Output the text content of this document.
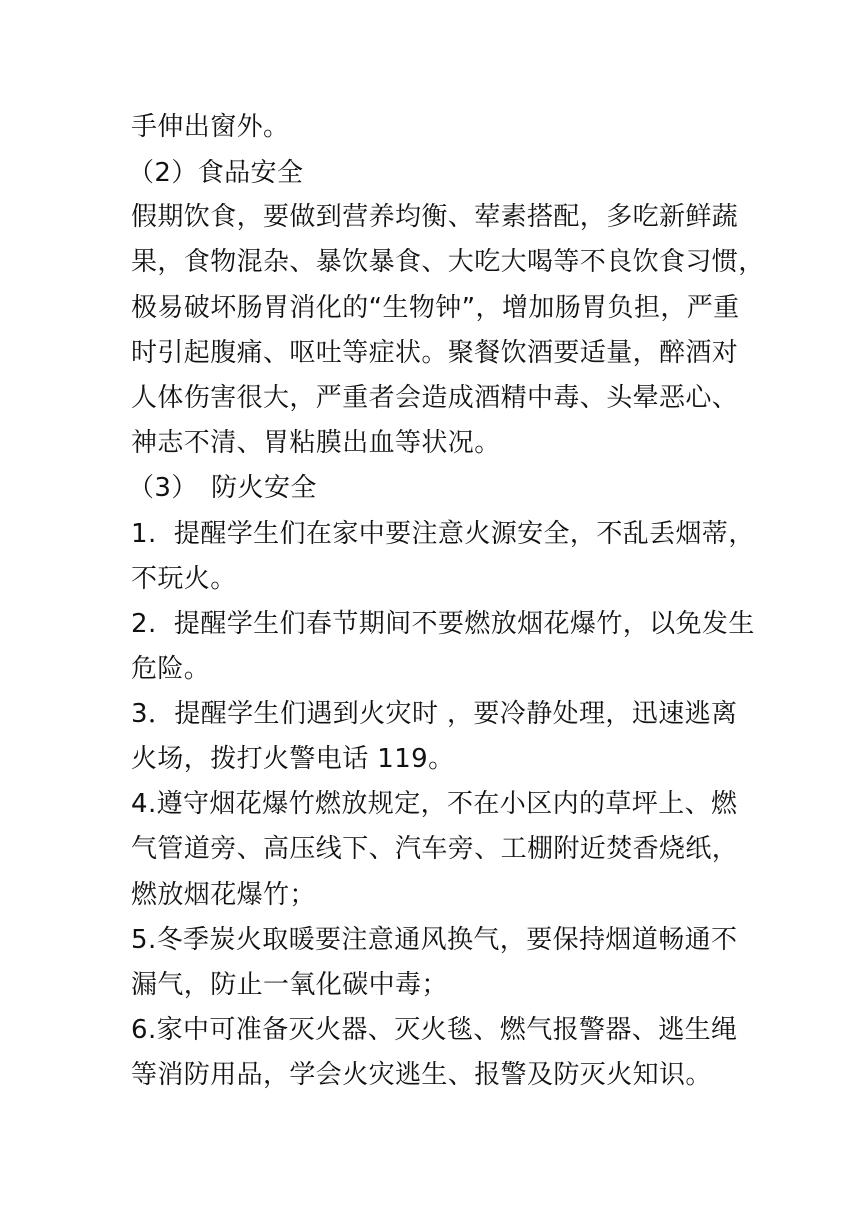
手伸出窗外。
（2）食品安全
假期饮食，要做到营养均衡、荤素搭配，多吃新鲜蔬
果，食物混杂、暴饮暴食、大吃大喝等不良饮食习惯，
极易破坏肠胃消化的“生物钟”，增加肠胃负担，严重
时引起腹痛、呕吐等症状。聚餐饮酒要适量，醉酒对
人体伤害很大，严重者会造成酒精中毒、头晕恶心、
神志不清、胃粘膜出血等状况。
（3）　防火安全
1.  提醒学生们在家中要注意火源安全，不乱丢烟蒂，
不玩火。
2.  提醒学生们春节期间不要燃放烟花爆竹，以免发生
危险。
3．提醒学生们遇到火灾时 ，要冷静处理，迅速逃离
火场，拨打火警电话 119。
4.遵守烟花爆竹燃放规定，不在小区内的草坪上、燃
气管道旁、高压线下、汽车旁、工棚附近焚香烧纸，
燃放烟花爆竹；
5.冬季炭火取暖要注意通风换气，要保持烟道畅通不
漏气，防止一氧化碳中毒；
6.家中可准备灭火器、灭火毯、燃气报警器、逃生绳
等消防用品，学会火灾逃生、报警及防灭火知识。
